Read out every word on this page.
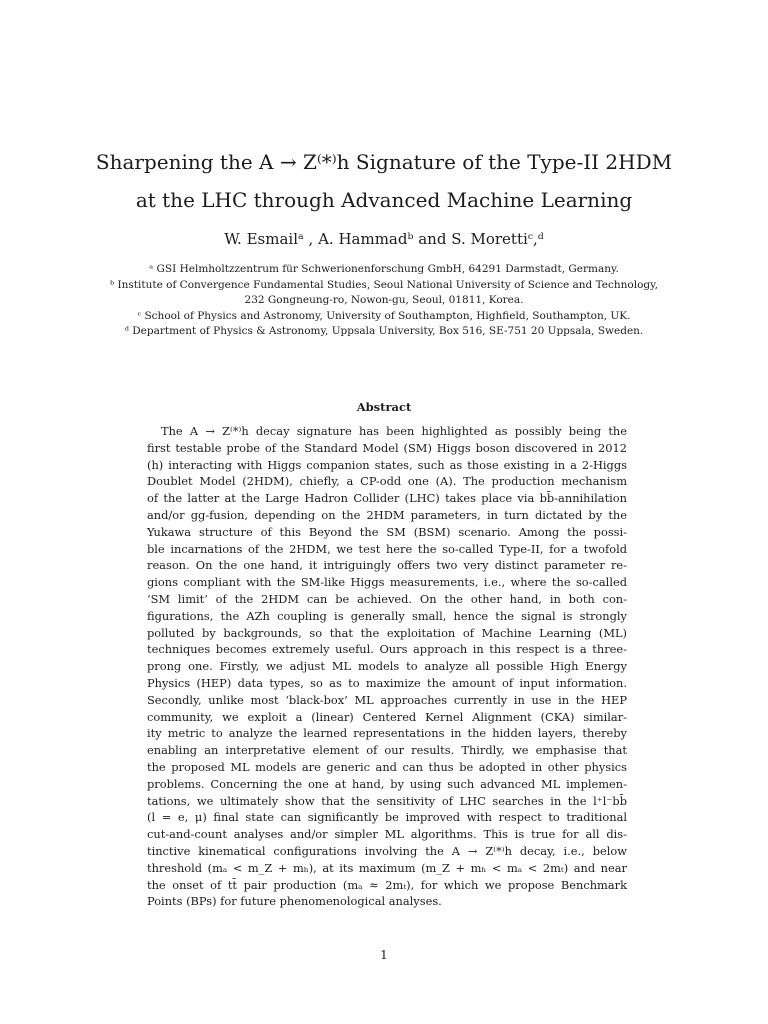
Sharpening the A → Z⁽*⁾h Signature of the Type-II 2HDM
at the LHC through Advanced Machine Learning
W. Esmailᵃ , A. Hammadᵇ and S. Morettiᶜ,ᵈ
ᵃ GSI Helmholtzzentrum für Schwerionenforschung GmbH, 64291 Darmstadt, Germany.
ᵇ Institute of Convergence Fundamental Studies, Seoul National University of Science and Technology, 232 Gongneung-ro, Nowon-gu, Seoul, 01811, Korea.
ᶜ School of Physics and Astronomy, University of Southampton, Highfield, Southampton, UK.
ᵈ Department of Physics & Astronomy, Uppsala University, Box 516, SE-751 20 Uppsala, Sweden.
Abstract
The A → Z⁽*⁾h decay signature has been highlighted as possibly being the
first testable probe of the Standard Model (SM) Higgs boson discovered in 2012
(h) interacting with Higgs companion states, such as those existing in a 2-Higgs
Doublet Model (2HDM), chiefly, a CP-odd one (A). The production mechanism
of the latter at the Large Hadron Collider (LHC) takes place via bb̄-annihilation
and/or gg-fusion, depending on the 2HDM parameters, in turn dictated by the
Yukawa structure of this Beyond the SM (BSM) scenario. Among the possi-
ble incarnations of the 2HDM, we test here the so-called Type-II, for a twofold
reason. On the one hand, it intriguingly offers two very distinct parameter re-
gions compliant with the SM-like Higgs measurements, i.e., where the so-called
‘SM limit’ of the 2HDM can be achieved. On the other hand, in both con-
figurations, the AZh coupling is generally small, hence the signal is strongly
polluted by backgrounds, so that the exploitation of Machine Learning (ML)
techniques becomes extremely useful. Ours approach in this respect is a three-
prong one. Firstly, we adjust ML models to analyze all possible High Energy
Physics (HEP) data types, so as to maximize the amount of input information.
Secondly, unlike most ‘black-box’ ML approaches currently in use in the HEP
community, we exploit a (linear) Centered Kernel Alignment (CKA) similar-
ity metric to analyze the learned representations in the hidden layers, thereby
enabling an interpretative element of our results. Thirdly, we emphasise that
the proposed ML models are generic and can thus be adopted in other physics
problems. Concerning the one at hand, by using such advanced ML implemen-
tations, we ultimately show that the sensitivity of LHC searches in the l⁺l⁻bb̄
(l = e, μ) final state can significantly be improved with respect to traditional
cut-and-count analyses and/or simpler ML algorithms. This is true for all dis-
tinctive kinematical configurations involving the A → Z⁽*⁾h decay, i.e., below
threshold (mₐ < m_Z + mₕ), at its maximum (m_Z + mₕ < mₐ < 2mₜ) and near
the onset of tt̄ pair production (mₐ ≈ 2mₜ), for which we propose Benchmark
Points (BPs) for future phenomenological analyses.
1
